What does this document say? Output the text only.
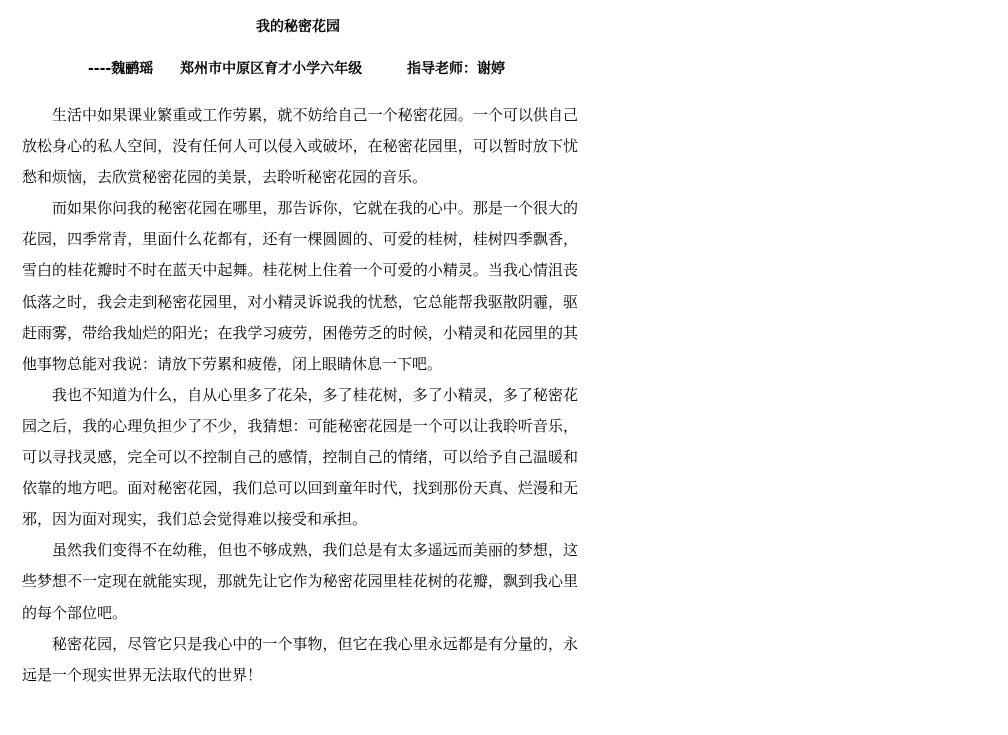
我的秘密花园
----魏鹂瑶 郑州市中原区育才小学六年级	指导老师：谢婷

生活中如果课业繁重或工作劳累，就不妨给自己一个秘密花园。一个可以供自己放松身心的私人空间，没有任何人可以侵入或破坏，在秘密花园里，可以暂时放下忧愁和烦恼，去欣赏秘密花园的美景，去聆听秘密花园的音乐。

而如果你问我的秘密花园在哪里，那告诉你，它就在我的心中。那是一个很大的花园，四季常青，里面什么花都有，还有一棵圆圆的、可爱的桂树，桂树四季飘香，雪白的桂花瓣时不时在蓝天中起舞。桂花树上住着一个可爱的小精灵。当我心情沮丧低落之时，我会走到秘密花园里，对小精灵诉说我的忧愁，它总能帮我驱散阴霾，驱赶雨雾，带给我灿烂的阳光；在我学习疲劳，困倦劳乏的时候，小精灵和花园里的其他事物总能对我说：请放下劳累和疲倦，闭上眼睛休息一下吧。

我也不知道为什么，自从心里多了花朵，多了桂花树，多了小精灵，多了秘密花园之后，我的心理负担少了不少，我猜想：可能秘密花园是一个可以让我聆听音乐，可以寻找灵感，完全可以不控制自己的感情，控制自己的情绪，可以给予自己温暖和依靠的地方吧。面对秘密花园，我们总可以回到童年时代，找到那份天真、烂漫和无邪，因为面对现实，我们总会觉得难以接受和承担。

虽然我们变得不在幼稚，但也不够成熟，我们总是有太多遥远而美丽的梦想，这些梦想不一定现在就能实现，那就先让它作为秘密花园里桂花树的花瓣，飘到我心里的每个部位吧。

秘密花园，尽管它只是我心中的一个事物，但它在我心里永远都是有分量的，永远是一个现实世界无法取代的世界！
